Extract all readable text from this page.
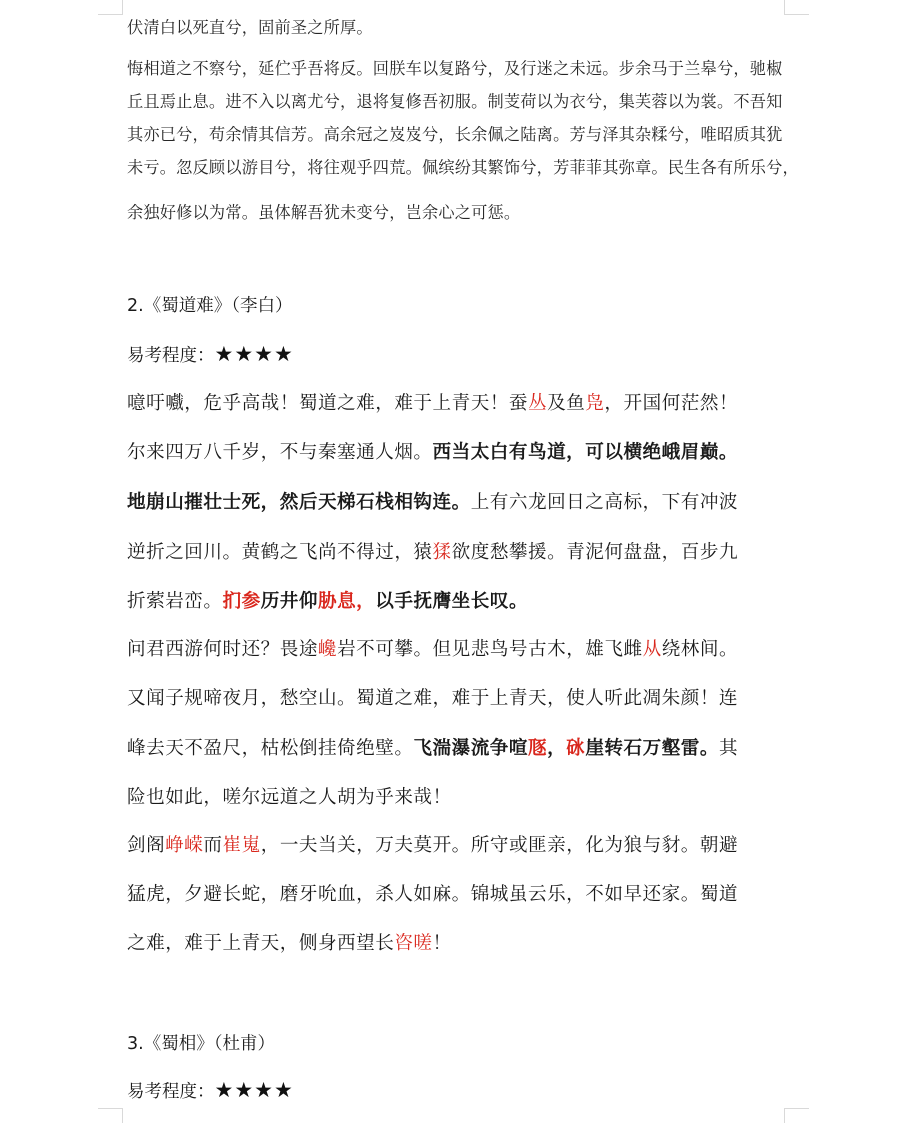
伏清白以死直兮，固前圣之所厚。
悔相道之不察兮，延伫乎吾将反。回朕车以复路兮，及行迷之未远。步余马于兰皋兮，驰椒
丘且焉止息。进不入以离尤兮，退将复修吾初服。制芰荷以为衣兮，集芙蓉以为裳。不吾知
其亦已兮，苟余情其信芳。高余冠之岌岌兮，长余佩之陆离。芳与泽其杂糅兮，唯昭质其犹
未亏。忽反顾以游目兮，将往观乎四荒。佩缤纷其繁饰兮，芳菲菲其弥章。民生各有所乐兮，
余独好修以为常。虽体解吾犹未变兮，岂余心之可惩。
2.《蜀道难》（李白）
易考程度：★★★★
噫吁嚱，危乎高哉！蜀道之难，难于上青天！蚕丛及鱼凫，开国何茫然！
尔来四万八千岁，不与秦塞通人烟。西当太白有鸟道，可以横绝峨眉巅。
地崩山摧壮士死，然后天梯石栈相钩连。上有六龙回日之高标，下有冲波
逆折之回川。黄鹤之飞尚不得过，猿猱欲度愁攀援。青泥何盘盘，百步九
折萦岩峦。扪参历井仰胁息，以手抚膺坐长叹。
问君西游何时还？畏途巉岩不可攀。但见悲鸟号古木，雄飞雌从绕林间。
又闻子规啼夜月，愁空山。蜀道之难，难于上青天，使人听此凋朱颜！连
峰去天不盈尺，枯松倒挂倚绝壁。飞湍瀑流争喧豗，砯崖转石万壑雷。其
险也如此，嗟尔远道之人胡为乎来哉！
剑阁峥嵘而崔嵬，一夫当关，万夫莫开。所守或匪亲，化为狼与豺。朝避
猛虎，夕避长蛇，磨牙吮血，杀人如麻。锦城虽云乐，不如早还家。蜀道
之难，难于上青天，侧身西望长咨嗟！
3.《蜀相》（杜甫）
易考程度：★★★★
